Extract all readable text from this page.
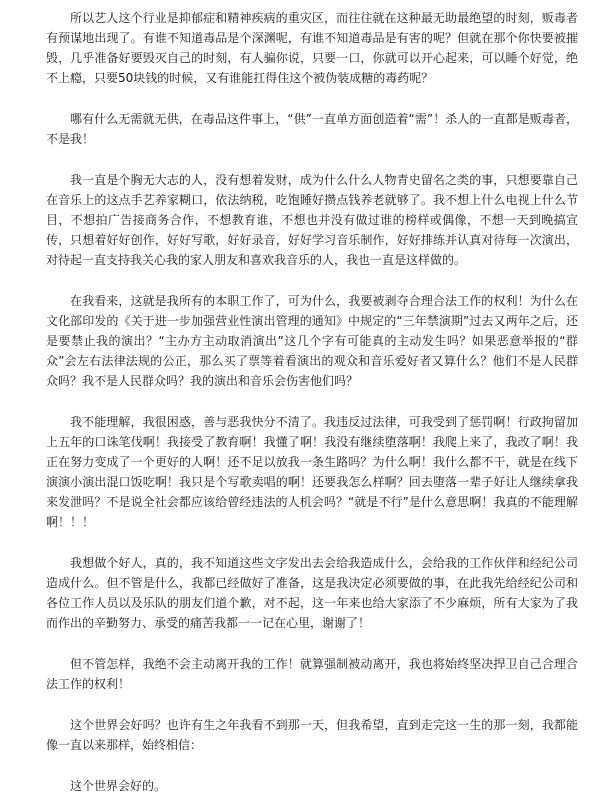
所以艺人这个行业是抑郁症和精神疾病的重灾区，而往往就在这种最无助最绝望的时刻，贩毒者有预谋地出现了。有谁不知道毒品是个深渊呢，有谁不知道毒品是有害的呢？但就在那个你快要被摧毁，几乎准备好要毁灭自己的时刻，有人骗你说，只要一口，你就可以开心起来，可以睡个好觉，绝不上瘾，只要50块钱的时候，又有谁能扛得住这个被伪装成糖的毒药呢？

哪有什么无需就无供，在毒品这件事上，“供”一直单方面创造着“需”！杀人的一直都是贩毒者，不是我！

我一直是个胸无大志的人，没有想着发财，成为什么什么人物青史留名之类的事，只想要靠自己在音乐上的这点手艺养家糊口，依法纳税，吃饱睡好攒点钱养老就够了。我不想上什么电视上什么节目，不想拍广告接商务合作，不想教育谁，不想也并没有做过谁的榜样或偶像，不想一天到晚搞宣传，只想着好好创作，好好写歌，好好录音，好好学习音乐制作，好好排练并认真对待每一次演出，对待起一直支持我关心我的家人朋友和喜欢我音乐的人，我也一直是这样做的。

在我看来，这就是我所有的本职工作了，可为什么，我要被剥夺合理合法工作的权利！为什么在文化部印发的《关于进一步加强营业性演出管理的通知》中规定的“三年禁演期”过去又两年之后，还是要禁止我的演出？“主办方主动取消演出”这几个字有可能真的主动发生吗？如果恶意举报的“群众”会左右法律法规的公正，那么买了票等着看演出的观众和音乐爱好者又算什么？他们不是人民群众吗？我不是人民群众吗？我的演出和音乐会伤害他们吗？

我不能理解，我很困惑，善与恶我快分不清了。我违反过法律，可我受到了惩罚啊！行政拘留加上五年的口诛笔伐啊！我接受了教育啊！我懂了啊！我没有继续堕落啊！我爬上来了，我改了啊！我正在努力变成了一个更好的人啊！还不足以放我一条生路吗？为什么啊！我什么都不干，就是在线下演演小演出混口饭吃啊！我只是个写歌卖唱的啊！还要我怎么样啊？回去堕落一辈子好让人继续拿我来发泄吗？不是说全社会都应该给曾经违法的人机会吗？“就是不行”是什么意思啊！我真的不能理解啊！！！

我想做个好人，真的，我不知道这些文字发出去会给我造成什么，会给我的工作伙伴和经纪公司造成什么。但不管是什么，我都已经做好了准备，这是我决定必须要做的事，在此我先给经纪公司和各位工作人员以及乐队的朋友们道个歉，对不起，这一年来也给大家添了不少麻烦，所有大家为了我而作出的辛勤努力、承受的痛苦我都一一记在心里，谢谢了！

但不管怎样，我绝不会主动离开我的工作！就算强制被动离开，我也将始终坚决捍卫自己合理合法工作的权利！

这个世界会好吗？也许有生之年我看不到那一天，但我希望，直到走完这一生的那一刻，我都能像一直以来那样，始终相信：

这个世界会好的。
